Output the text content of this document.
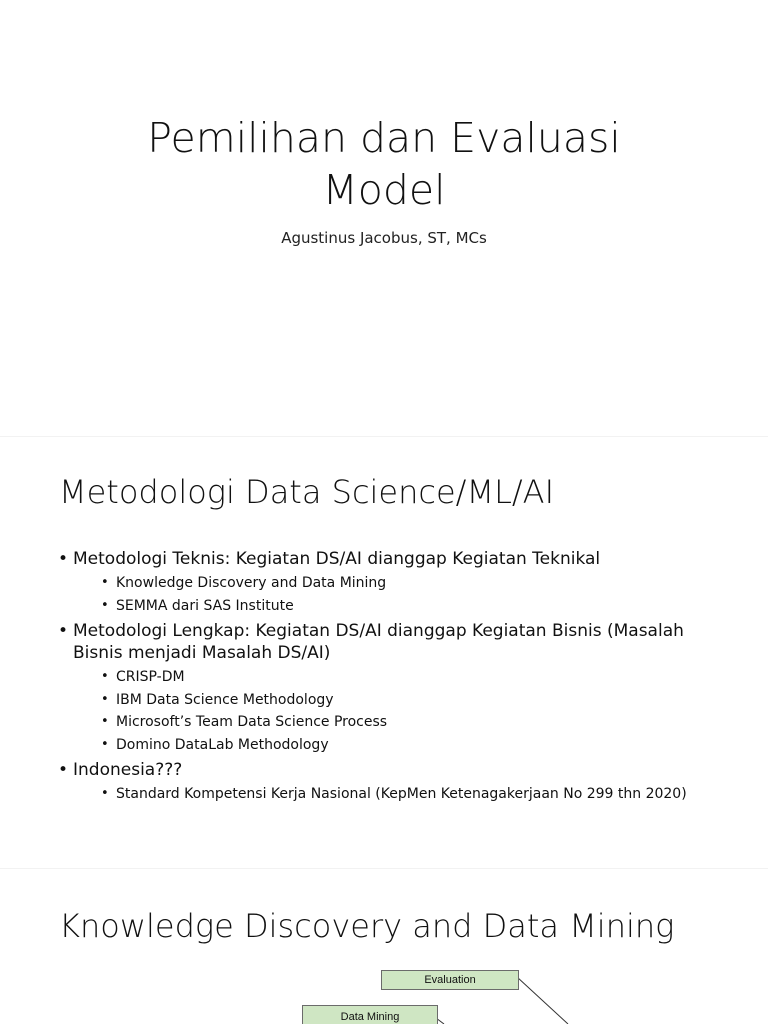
Pemilihan dan Evaluasi
Model
Agustinus Jacobus, ST, MCs
Metodologi Data Science/ML/AI
• Metodologi Teknis: Kegiatan DS/AI dianggap Kegiatan Teknikal
• Knowledge Discovery and Data Mining
• SEMMA dari SAS Institute
• Metodologi Lengkap: Kegiatan DS/AI dianggap Kegiatan Bisnis (Masalah Bisnis menjadi Masalah DS/AI)
• CRISP-DM
• IBM Data Science Methodology
• Microsoft’s Team Data Science Process
• Domino DataLab Methodology
• Indonesia???
• Standard Kompetensi Kerja Nasional (KepMen Ketenagakerjaan No 299 thn 2020)
Knowledge Discovery and Data Mining
Evaluation
Data Mining
